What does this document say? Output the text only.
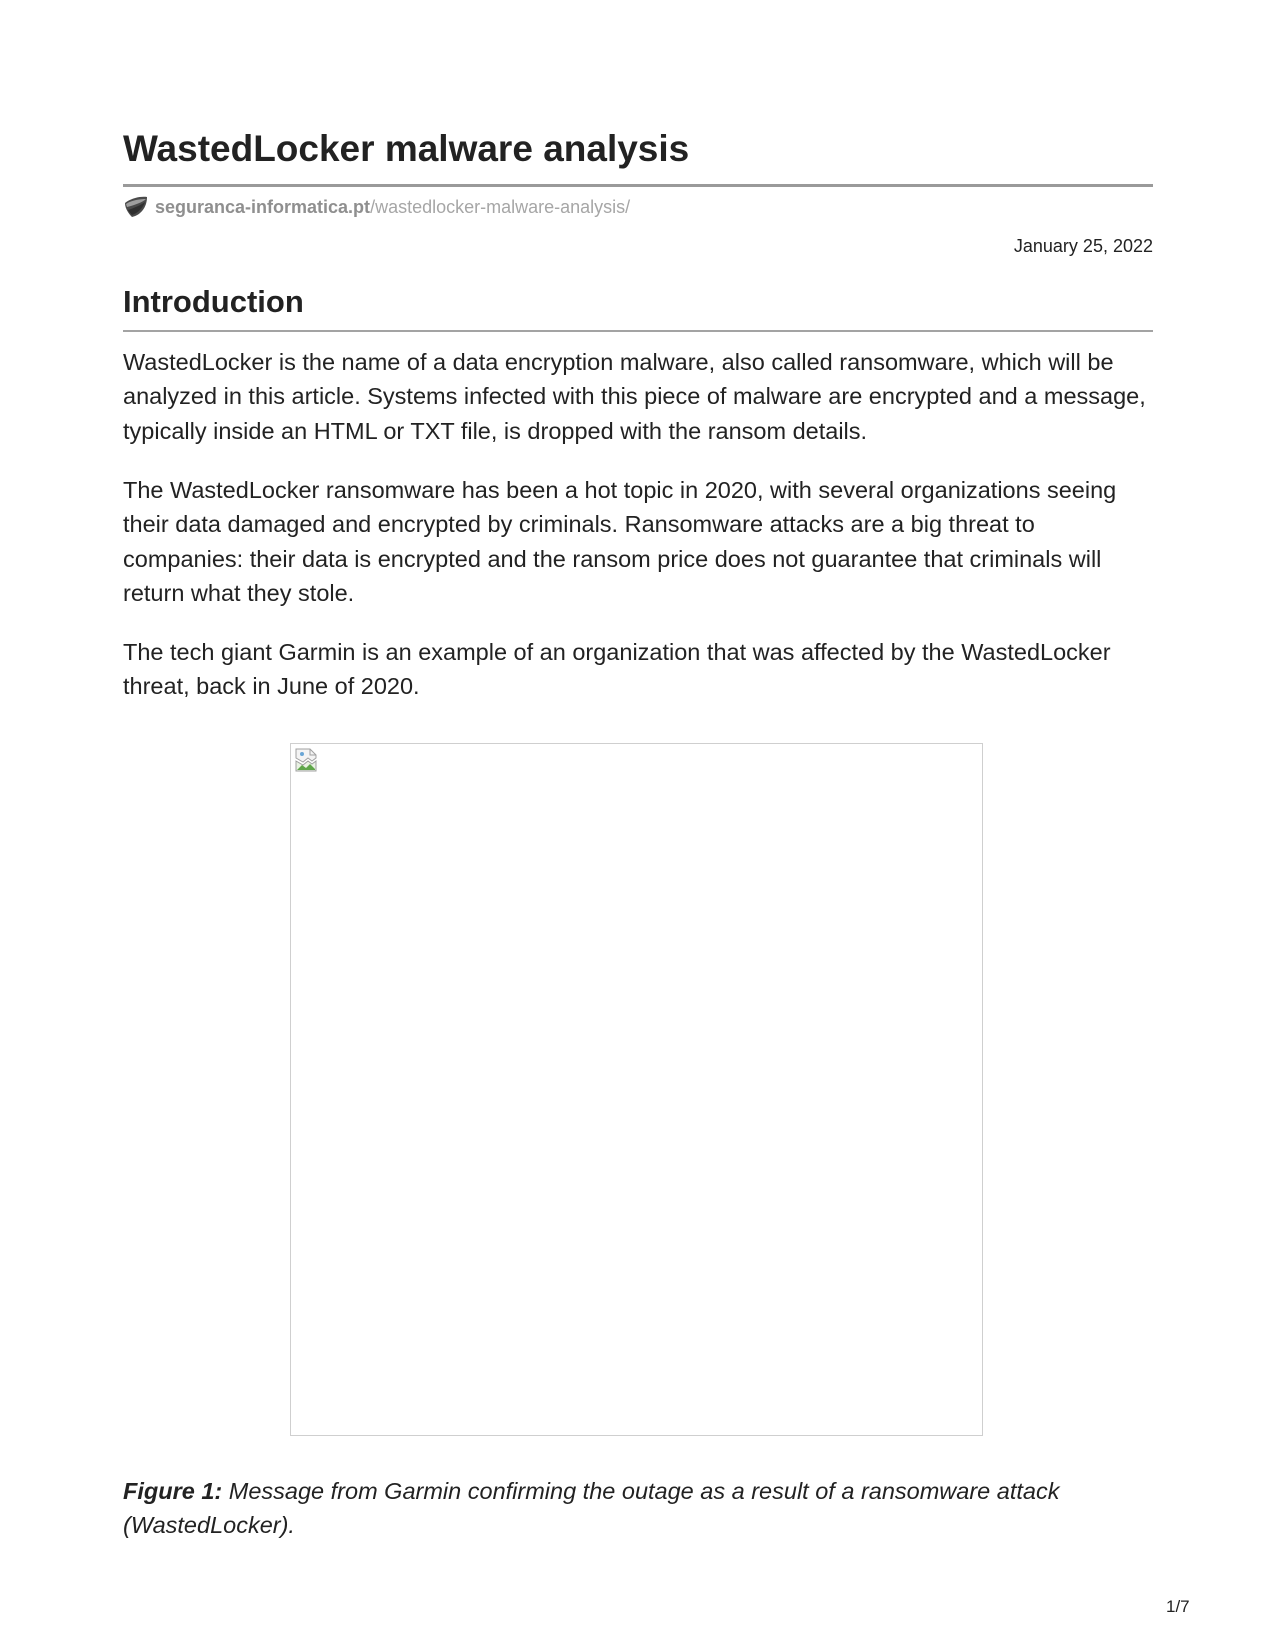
WastedLocker malware analysis
seguranca-informatica.pt /wastedlocker-malware-analysis/
January 25, 2022
Introduction

WastedLocker is the name of a data encryption malware, also called ransomware, which will be analyzed in this article. Systems infected with this piece of malware are encrypted and a message, typically inside an HTML or TXT file, is dropped with the ransom details.

The WastedLocker ransomware has been a hot topic in 2020, with several organizations seeing their data damaged and encrypted by criminals. Ransomware attacks are a big threat to companies: their data is encrypted and the ransom price does not guarantee that criminals will return what they stole.

The tech giant Garmin is an example of an organization that was affected by the WastedLocker threat, back in June of 2020.

Figure 1: Message from Garmin confirming the outage as a result of a ransomware attack (WastedLocker).

1/7
